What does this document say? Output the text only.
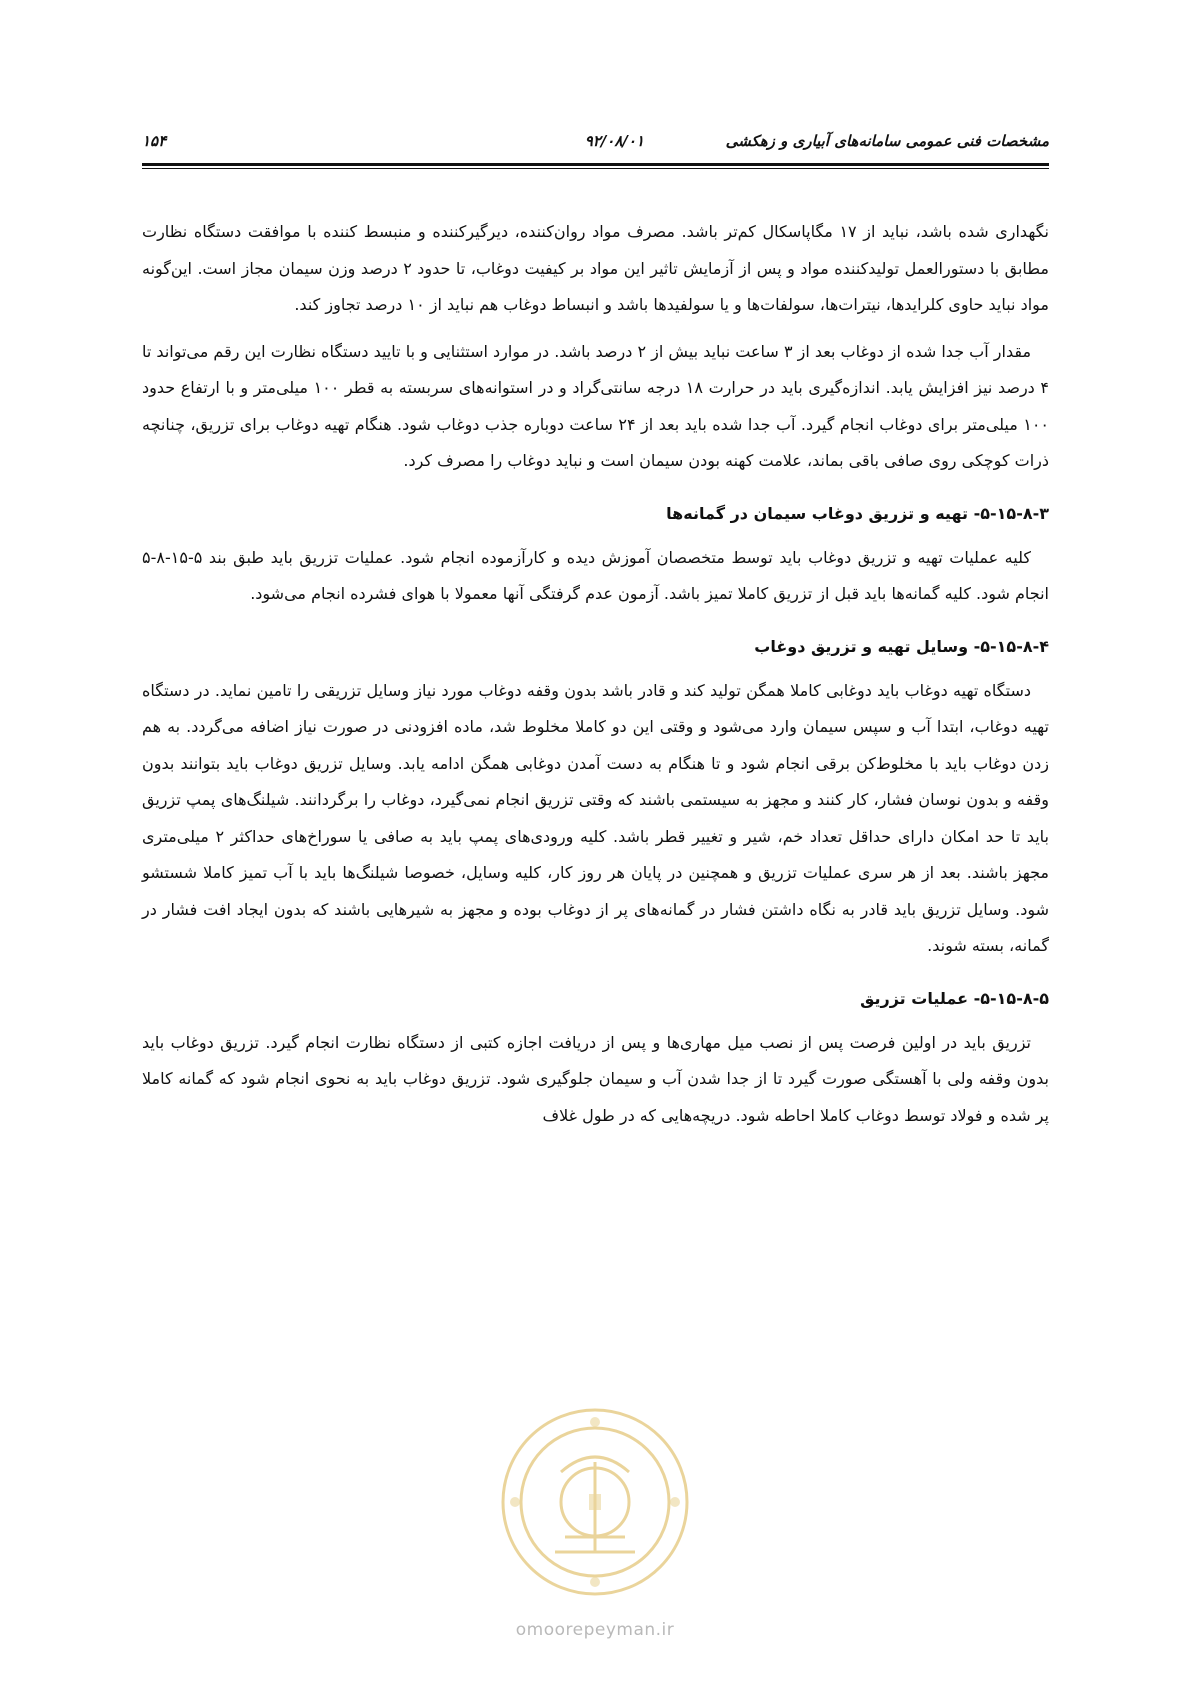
مشخصات فنی عمومی سامانه‌های آبیاری و زهکشی
۹۲/۰۸/۰۱
۱۵۴

نگهداری شده باشد، نباید از ۱۷ مگاپاسکال کم‌تر باشد. مصرف مواد روان‌کننده، دیرگیرکننده و منبسط کننده با موافقت دستگاه نظارت مطابق با دستورالعمل تولیدکننده مواد و پس از آزمایش تاثیر این مواد بر کیفیت دوغاب، تا حدود ۲ درصد وزن سیمان مجاز است. این‌گونه مواد نباید حاوی کلرایدها، نیترات‌ها، سولفات‌ها و یا سولفیدها باشد و انبساط دوغاب هم نباید از ۱۰ درصد تجاوز کند.

مقدار آب جدا شده از دوغاب بعد از ۳ ساعت نباید بیش از ۲ درصد باشد. در موارد استثنایی و با تایید دستگاه نظارت این رقم می‌تواند تا ۴ درصد نیز افزایش یابد. اندازه‌گیری باید در حرارت ۱۸ درجه سانتی‌گراد و در استوانه‌های سربسته به قطر ۱۰۰ میلی‌متر و با ارتفاع حدود ۱۰۰ میلی‌متر برای دوغاب انجام گیرد. آب جدا شده باید بعد از ۲۴ ساعت دوباره جذب دوغاب شود. هنگام تهیه دوغاب برای تزریق، چنانچه ذرات کوچکی روی صافی باقی بماند، علامت کهنه بودن سیمان است و نباید دوغاب را مصرف کرد.

۵-۱۵-۸-۳- تهیه و تزریق دوغاب سیمان در گمانه‌ها

کلیه عملیات تهیه و تزریق دوغاب باید توسط متخصصان آموزش دیده و کارآزموده انجام شود. عملیات تزریق باید طبق بند ۵-۱۵-۸-۵ انجام شود. کلیه گمانه‌ها باید قبل از تزریق کاملا تمیز باشد. آزمون عدم گرفتگی آنها معمولا با هوای فشرده انجام می‌شود.

۵-۱۵-۸-۴- وسایل تهیه و تزریق دوغاب

دستگاه تهیه دوغاب باید دوغابی کاملا همگن تولید کند و قادر باشد بدون وقفه دوغاب مورد نیاز وسایل تزریقی را تامین نماید. در دستگاه تهیه دوغاب، ابتدا آب و سپس سیمان وارد می‌شود و وقتی این دو کاملا مخلوط شد، ماده افزودنی در صورت نیاز اضافه می‌گردد. به هم زدن دوغاب باید با مخلوط‌کن برقی انجام شود و تا هنگام به دست آمدن دوغابی همگن ادامه یابد. وسایل تزریق دوغاب باید بتوانند بدون وقفه و بدون نوسان فشار، کار کنند و مجهز به سیستمی باشند که وقتی تزریق انجام نمی‌گیرد، دوغاب را برگردانند. شیلنگ‌های پمپ تزریق باید تا حد امکان دارای حداقل تعداد خم، شیر و تغییر قطر باشد. کلیه ورودی‌های پمپ باید به صافی یا سوراخ‌های حداکثر ۲ میلی‌متری مجهز باشند. بعد از هر سری عملیات تزریق و همچنین در پایان هر روز کار، کلیه وسایل، خصوصا شیلنگ‌ها باید با آب تمیز کاملا شستشو شود. وسایل تزریق باید قادر به نگاه داشتن فشار در گمانه‌های پر از دوغاب بوده و مجهز به شیرهایی باشند که بدون ایجاد افت فشار در گمانه، بسته شوند.

۵-۱۵-۸-۵- عملیات تزریق

تزریق باید در اولین فرصت پس از نصب میل مهاری‌ها و پس از دریافت اجازه کتبی از دستگاه نظارت انجام گیرد. تزریق دوغاب باید بدون وقفه ولی با آهستگی صورت گیرد تا از جدا شدن آب و سیمان جلوگیری شود. تزریق دوغاب باید به نحوی انجام شود که گمانه کاملا پر شده و فولاد توسط دوغاب کاملا احاطه شود. دریچه‌هایی که در طول غلاف

omoorepeyman.ir
